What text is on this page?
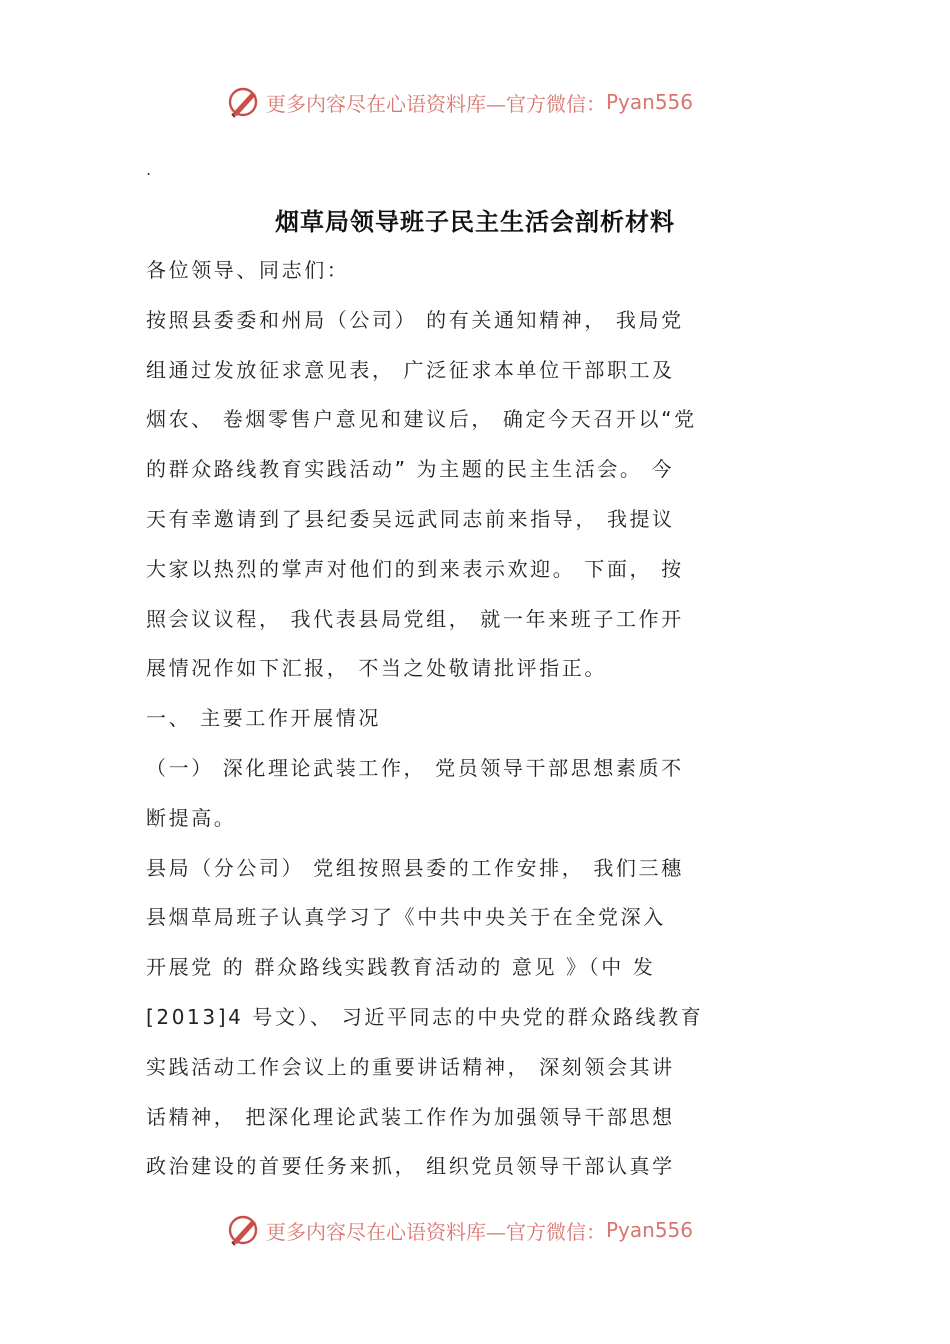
更多内容尽在心语资料库—官方微信： Pyan556
.
烟草局领导班子民主生活会剖析材料
各位领导、同志们：
按照县委委和州局（公司） 的有关通知精神， 我局党
组通过发放征求意见表， 广泛征求本单位干部职工及
烟农、 卷烟零售户意见和建议后， 确定今天召开以“党
的群众路线教育实践活动” 为主题的民主生活会。 今
天有幸邀请到了县纪委吴远武同志前来指导， 我提议
大家以热烈的掌声对他们的到来表示欢迎。 下面， 按
照会议议程， 我代表县局党组， 就一年来班子工作开
展情况作如下汇报， 不当之处敬请批评指正。
一、 主要工作开展情况
（一） 深化理论武装工作， 党员领导干部思想素质不
断提高。
县局（分公司） 党组按照县委的工作安排， 我们三穗
县烟草局班子认真学习了《中共中央关于在全党深入
开展党 的 群众路线实践教育活动的 意见 》（中 发
[2013]4 号文）、 习近平同志的中央党的群众路线教育
实践活动工作会议上的重要讲话精神， 深刻领会其讲
话精神， 把深化理论武装工作作为加强领导干部思想
政治建设的首要任务来抓， 组织党员领导干部认真学
更多内容尽在心语资料库—官方微信： Pyan556
